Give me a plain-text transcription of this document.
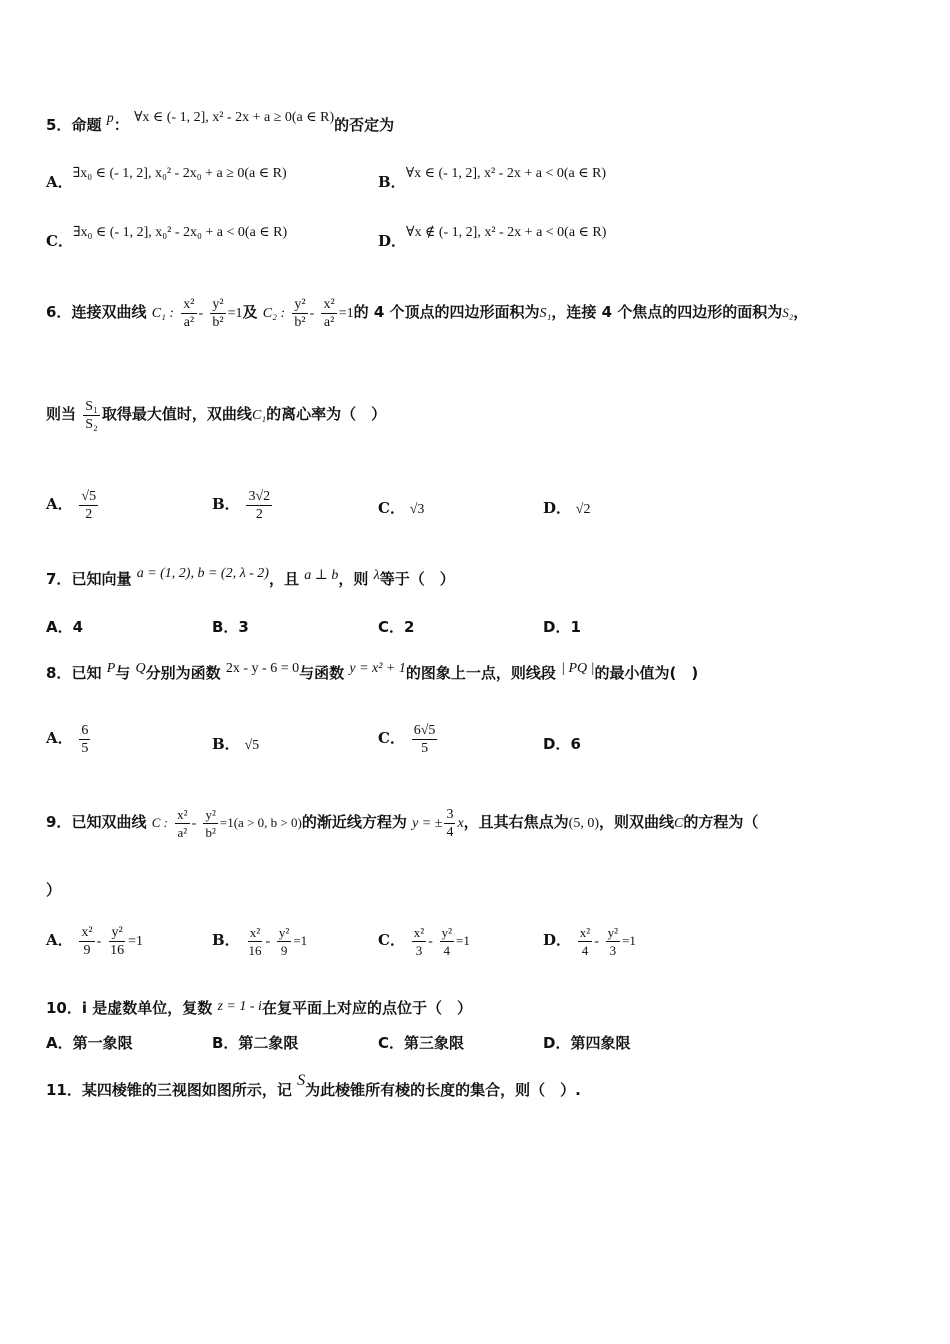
5．命题 p： ∀x ∈ (- 1, 2], x² - 2x + a ≥ 0(a ∈ R)的否定为
A．∃x₀ ∈ (- 1, 2], x₀² - 2x₀ + a ≥ 0(a ∈ R)	B．∀x ∈ (- 1, 2], x² - 2x + a < 0(a ∈ R)
C．∃x₀ ∈ (- 1, 2], x₀² - 2x₀ + a < 0(a ∈ R)	D．∀x ∉ (- 1, 2], x² - 2x + a < 0(a ∈ R)
6．连接双曲线 C₁ : $\frac{\text{x²}}{\text{a²}} - \frac{\text{y²}}{\text{b²}} =1$及 C₂ : $\frac{\text{y²}}{\text{b²}} - \frac{\text{x²}}{\text{a²}} =1$的 4 个顶点的四边形面积为S₁，连接 4 个焦点的四边形的面积为S₂，
则当 $\frac{\text{S₁}}{\text{S₂}}$ 取得最大值时，双曲线C₁的离心率为（　）
A． $\frac{√5}{2}$	B． $\frac{3√2}{2}$	C． √3	D． √2
7．已知向量 a = (1, 2), b = (2, λ - 2)，且 a ⊥ b，则 λ等于（　）
A．4	B．3	C．2	D．1
8．已知 P与 Q分别为函数 2x - y - 6 = 0与函数 y = x² + 1的图象上一点，则线段 | PQ |的最小值为(　)
A． $\frac{6}{5}$	B． √5	C． $\frac{6√5}{5}$	D．6
9．已知双曲线 C : $\frac{\text{x²}}{\text{a²}} - \frac{\text{y²}}{\text{b²}} =1(a > 0$, b > 0)的渐近线方程为 y = ± $\frac{3}{4}$ x，且其右焦点为(5, 0)，则双曲线C的方程为（
）
A． $\frac{\text{x²}}{9} - \frac{\text{y²}}{16} =1$	B． $\frac{\text{x²}}{16} - \frac{\text{y²}}{9} =1$	C． $\frac{\text{x²}}{3} - \frac{\text{y²}}{4} =1$	D． $\frac{\text{x²}}{4} - \frac{\text{y²}}{3} =1$
10．i 是虚数单位，复数 z = 1 - i在复平面上对应的点位于（　）
A．第一象限	B．第二象限	C．第三象限	D．第四象限
11．某四棱锥的三视图如图所示，记 S为此棱锥所有棱的长度的集合，则（　）.
